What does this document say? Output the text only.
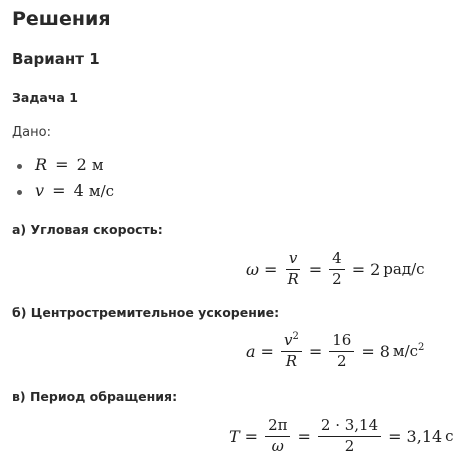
Решения
Вариант 1
Задача 1
Дано:
R = 2 м
v = 4 м/с
а) Угловая скорость:
$\omega = \frac{v}{R} = \frac{4}{2} = 2$ рад/с
б) Центростремительное ускорение:
$a = \frac{v^2}{R} = \frac{16}{2} = 8$ $м/с^2$
в) Период обращения:
$T = \frac{2\pi}{\omega} = \frac{2 \cdot 3,14}{2} = 3,14$ с
